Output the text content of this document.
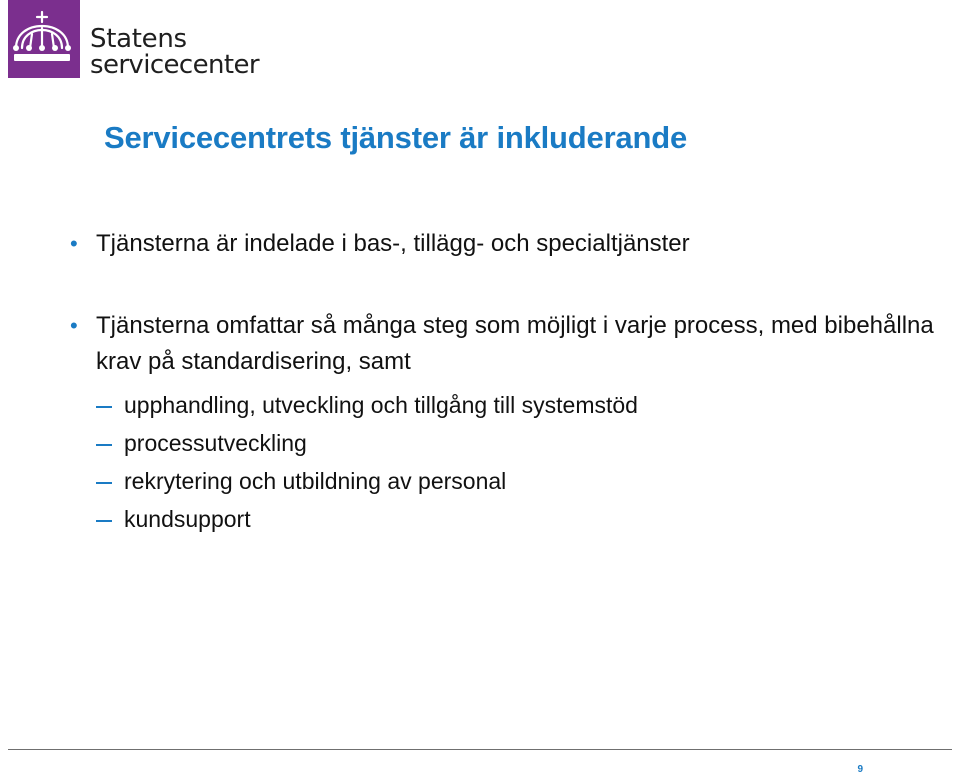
Statens
servicecenter
Servicecentrets tjänster är inkluderande
• Tjänsterna är indelade i bas-, tillägg- och specialtjänster
• Tjänsterna omfattar så många steg som möjligt i varje process, med bibehållna krav på standardisering, samt
upphandling, utveckling och tillgång till systemstöd
processutveckling
rekrytering och utbildning av personal
kundsupport
9
